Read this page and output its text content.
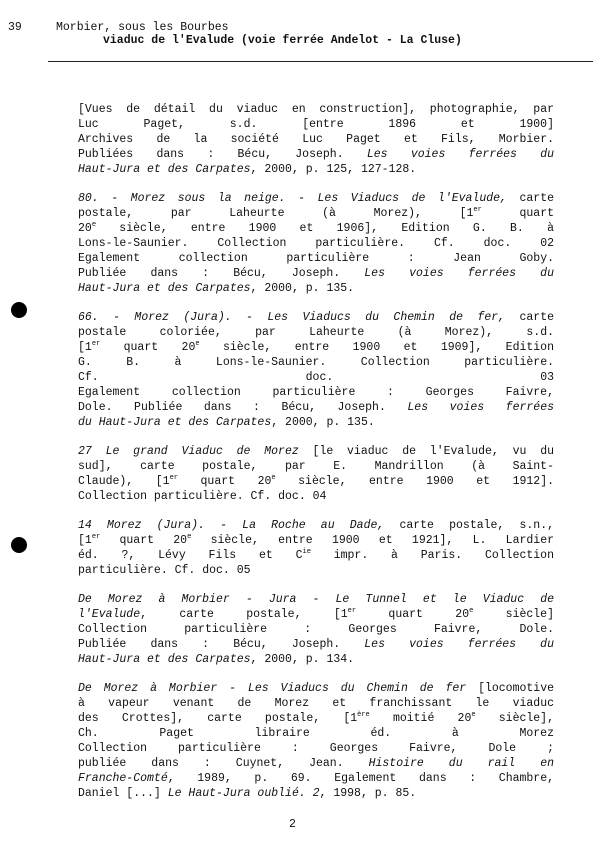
39	Morbier, sous les Bourbes
viaduc de l'Evalude (voie ferrée Andelot - La Cluse)

[Vues de détail du viaduc en construction], photographie, par

Luc Paget, s.d. [entre 1896 et 1900]

Archives de la société Luc Paget et Fils, Morbier.

Publiées dans : Bécu, Joseph. Les voies ferrées du

Haut-Jura et des Carpates, 2000, p. 125, 127-128.

80. - Morez sous la neige. - Les Viaducs de l'Evalude, carte

postale, par Laheurte (à Morez), [1er quart

20e siècle, entre 1900 et 1906], Edition G. B. à

Lons-le-Saunier. Collection particulière. Cf. doc. 02

Egalement collection particulière : Jean Goby.

Publiée dans : Bécu, Joseph. Les voies ferrées du

Haut-Jura et des Carpates, 2000, p. 135.

66. - Morez (Jura). - Les Viaducs du Chemin de fer, carte

postale coloriée, par Laheurte (à Morez), s.d.

[1er quart 20e siècle, entre 1900 et 1909], Edition

G. B. à Lons-le-Saunier. Collection particulière.

Cf. doc. 03

Egalement collection particulière : Georges Faivre,

Dole. Publiée dans : Bécu, Joseph. Les voies ferrées

du Haut-Jura et des Carpates, 2000, p. 135.

27 Le grand Viaduc de Morez [le viaduc de l'Evalude, vu du

sud], carte postale, par E. Mandrillon (à Saint-

Claude), [1er quart 20e siècle, entre 1900 et 1912].

Collection particulière. Cf. doc. 04

14 Morez (Jura). - La Roche au Dade, carte postale, s.n.,

[1er quart 20e siècle, entre 1900 et 1921], L. Lardier

éd. ?, Lévy Fils et $C^{ie}$ impr. à Paris. Collection

particulière. Cf. doc. 05

De Morez à Morbier - Jura - Le Tunnel et le Viaduc de

l'Evalude, carte postale, [1er quart 20e siècle]

Collection particulière : Georges Faivre, Dole.

Publiée dans : Bécu, Joseph. Les voies ferrées du

Haut-Jura et des Carpates, 2000, p. 134.

De Morez à Morbier - Les Viaducs du Chemin de fer [locomotive

à vapeur venant de Morez et franchissant le viaduc

des Crottes], carte postale, [1ère moitié 20e siècle],

Ch. Paget libraire éd. à Morez

Collection particulière : Georges Faivre, Dole ;

publiée dans : Cuynet, Jean. Histoire du rail en

Franche-Comté, 1989, p. 69. Egalement dans : Chambre,

Daniel [...] Le Haut-Jura oublié. 2, 1998, p. 85.

2
